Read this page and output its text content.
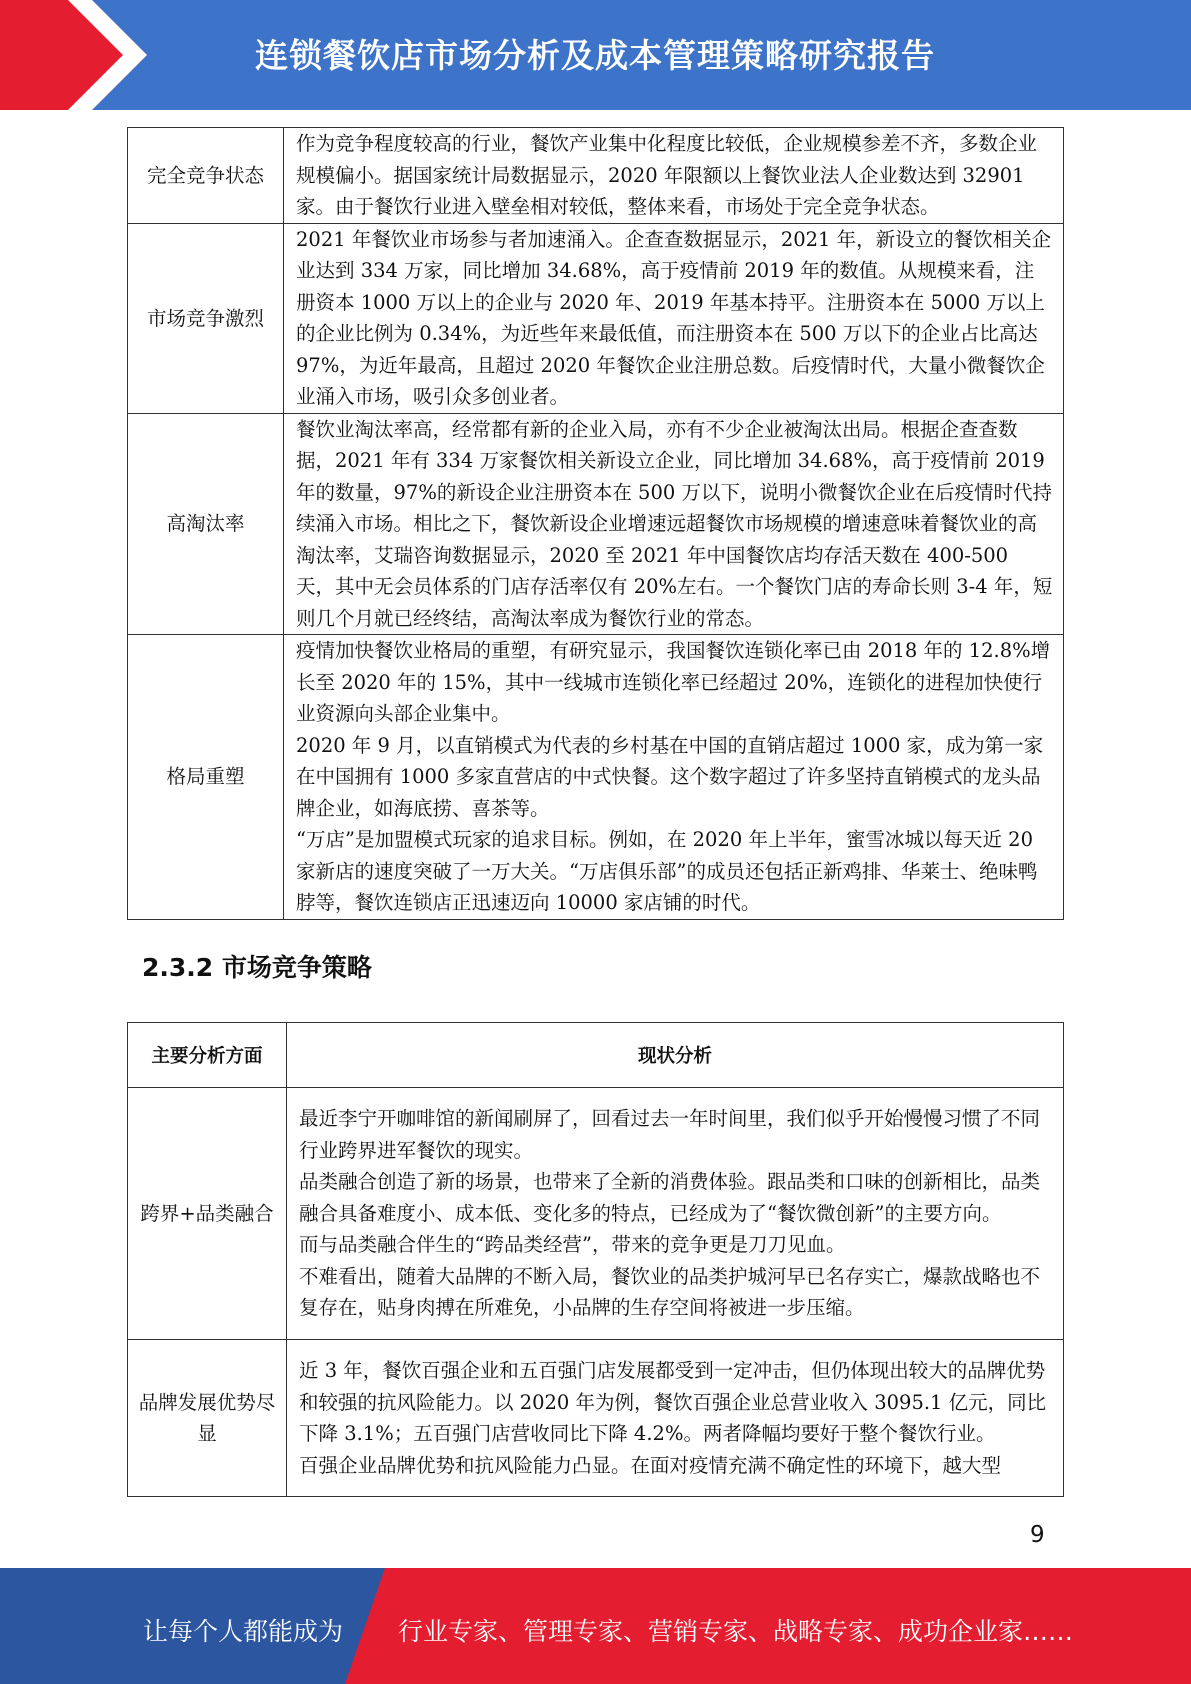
连锁餐饮店市场分析及成本管理策略研究报告
完全竞争状态	作为竞争程度较高的行业，餐饮产业集中化程度比较低，企业规模参差不齐，多数企业规模偏小。据国家统计局数据显示，2020 年限额以上餐饮业法人企业数达到 32901 家。由于餐饮行业进入壁垒相对较低，整体来看，市场处于完全竞争状态。

市场竞争激烈	2021 年餐饮业市场参与者加速涌入。企查查数据显示，2021 年，新设立的餐饮相关企业达到 334 万家，同比增加 34.68%，高于疫情前 2019 年的数值。从规模来看，注册资本 1000 万以上的企业与 2020 年、2019 年基本持平。注册资本在 5000 万以上的企业比例为 0.34%，为近些年来最低值，而注册资本在 500 万以下的企业占比高达 97%，为近年最高，且超过 2020 年餐饮企业注册总数。后疫情时代，大量小微餐饮企业涌入市场，吸引众多创业者。

高淘汰率	餐饮业淘汰率高，经常都有新的企业入局，亦有不少企业被淘汰出局。根据企查查数据，2021 年有 334 万家餐饮相关新设立企业，同比增加 34.68%，高于疫情前 2019 年的数量，97%的新设企业注册资本在 500 万以下，说明小微餐饮企业在后疫情时代持续涌入市场。相比之下，餐饮新设企业增速远超餐饮市场规模的增速意味着餐饮业的高淘汰率，艾瑞咨询数据显示，2020 至 2021 年中国餐饮店均存活天数在 400-500 天，其中无会员体系的门店存活率仅有 20%左右。一个餐饮门店的寿命长则 3-4 年，短则几个月就已经终结，高淘汰率成为餐饮行业的常态。

格局重塑	疫情加快餐饮业格局的重塑，有研究显示，我国餐饮连锁化率已由 2018 年的 12.8%增长至 2020 年的 15%，其中一线城市连锁化率已经超过 20%，连锁化的进程加快使行业资源向头部企业集中。

2020 年 9 月，以直销模式为代表的乡村基在中国的直销店超过 1000 家，成为第一家在中国拥有 1000 多家直营店的中式快餐。这个数字超过了许多坚持直销模式的龙头品牌企业，如海底捞、喜茶等。

“万店”是加盟模式玩家的追求目标。例如，在 2020 年上半年，蜜雪冰城以每天近 20 家新店的速度突破了一万大关。“万店俱乐部”的成员还包括正新鸡排、华莱士、绝味鸭脖等，餐饮连锁店正迅速迈向 10000 家店铺的时代。

2.3.2 市场竞争策略
主要分析方面	现状分析
跨界+品类融合	最近李宁开咖啡馆的新闻刷屏了，回看过去一年时间里，我们似乎开始慢慢习惯了不同行业跨界进军餐饮的现实。

品类融合创造了新的场景，也带来了全新的消费体验。跟品类和口味的创新相比，品类融合具备难度小、成本低、变化多的特点，已经成为了“餐饮微创新”的主要方向。

而与品类融合伴生的“跨品类经营”，带来的竞争更是刀刀见血。

不难看出，随着大品牌的不断入局，餐饮业的品类护城河早已名存实亡，爆款战略也不复存在，贴身肉搏在所难免，小品牌的生存空间将被进一步压缩。

品牌发展优势尽显	近 3 年，餐饮百强企业和五百强门店发展都受到一定冲击，但仍体现出较大的品牌优势和较强的抗风险能力。以 2020 年为例，餐饮百强企业总营业收入 3095.1 亿元，同比下降 3.1%；五百强门店营收同比下降 4.2%。两者降幅均要好于整个餐饮行业。

百强企业品牌优势和抗风险能力凸显。在面对疫情充满不确定性的环境下，越大型

9
让每个人都能成为 行业专家、管理专家、营销专家、战略专家、成功企业家……
